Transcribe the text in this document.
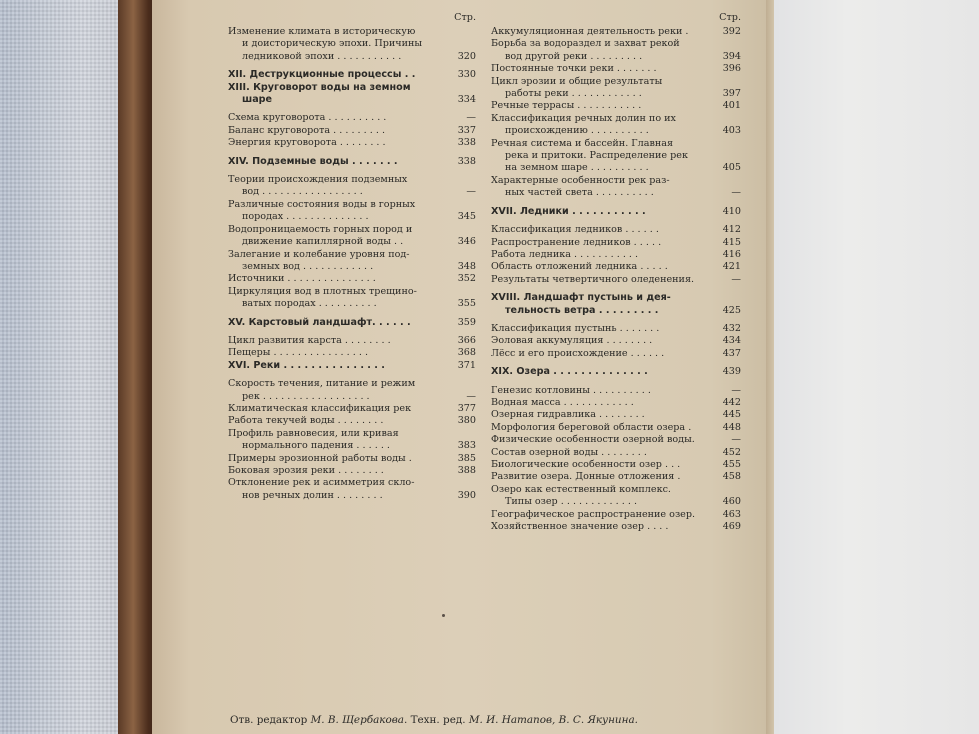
Стр.
Изменение климата в историческую
и доисторическую эпохи. Причины
ледниковой эпохи . . . . . . . . . . .	320
XII. Деструкционные процессы . .	330
XIII. Круговорот воды на земном
шаре	334
Схема круговорота . . . . . . . . . .	—
Баланс круговорота . . . . . . . . .	337
Энергия круговорота . . . . . . . .	338
XIV. Подземные воды . . . . . . .	338
Теории происхождения подземных
вод . . . . . . . . . . . . . . . . .	—
Различные состояния воды в горных
породах . . . . . . . . . . . . . .	345
Водопроницаемость горных пород и
движение капиллярной воды . .	346
Залегание и колебание уровня под-
земных вод . . . . . . . . . . . .	348
Источники . . . . . . . . . . . . . . .	352
Циркуляция вод в плотных трещино-
ватых породах . . . . . . . . . .	355
XV. Карстовый ландшафт. . . . . .	359
Цикл развития карста . . . . . . . .	366
Пещеры . . . . . . . . . . . . . . . .	368
XVI. Реки . . . . . . . . . . . . . . .	371
Скорость течения, питание и режим
рек . . . . . . . . . . . . . . . . . .	—
Климатическая классификация рек	377
Работа текучей воды . . . . . . . .	380
Профиль равновесия, или кривая
нормального падения . . . . . .	383
Примеры эрозионной работы воды .	385
Боковая эрозия реки . . . . . . . .	388
Отклонение рек и асимметрия скло-
нов речных долин . . . . . . . .	390
Стр.
Аккумуляционная деятельность реки .	392
Борьба за водораздел и захват рекой
вод другой реки . . . . . . . . .	394
Постоянные точки реки . . . . . . .	396
Цикл эрозии и общие результаты
работы реки . . . . . . . . . . . .	397
Речные террасы . . . . . . . . . . .	401
Классификация речных долин по их
происхождению . . . . . . . . . .	403
Речная система и бассейн. Главная
река и притоки. Распределение рек
на земном шаре . . . . . . . . . .	405
Характерные особенности рек раз-
ных частей света . . . . . . . . . .	—
XVII. Ледники . . . . . . . . . . .	410
Классификация ледников . . . . . .	412
Распространение ледников . . . . .	415
Работа ледника . . . . . . . . . . .	416
Область отложений ледника . . . . .	421
Результаты четвертичного оледенения.	—
XVIII. Ландшафт пустынь и дея-
тельность ветра . . . . . . . . .	425
Классификация пустынь . . . . . . .	432
Эоловая аккумуляция . . . . . . . .	434
Лёсс и его происхождение . . . . . .	437
XIX. Озера . . . . . . . . . . . . . .	439
Генезис котловины . . . . . . . . . .	—
Водная масса . . . . . . . . . . . .	442
Озерная гидравлика . . . . . . . .	445
Морфология береговой области озера .	448
Физические особенности озерной воды.	—
Состав озерной воды . . . . . . . .	452
Биологические особенности озер . . .	455
Развитие озера. Донные отложения .	458
Озеро как естественный комплекс.
Типы озер . . . . . . . . . . . . .	460
Географическое распространение озер.	463
Хозяйственное значение озер . . . .	469
Отв. редактор М. В. Щербакова. Техн. ред. М. И. Натапов, В. С. Якунина.
